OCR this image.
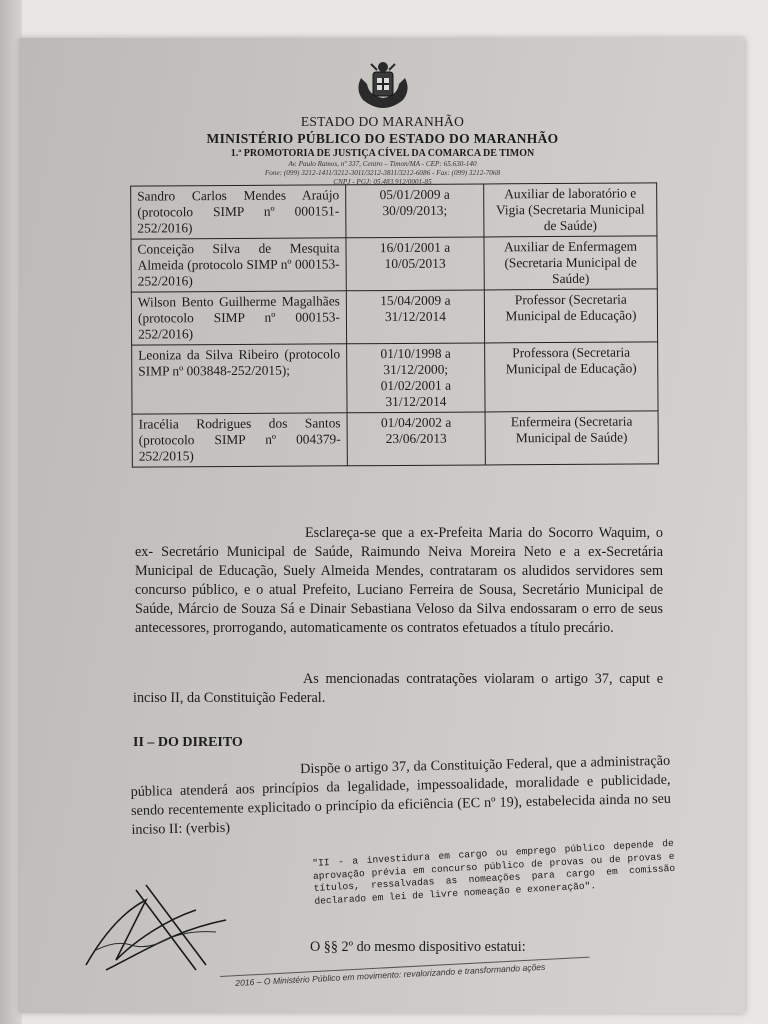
ESTADO DO MARANHÃO
MINISTÉRIO PÚBLICO DO ESTADO DO MARANHÃO
1.ª PROMOTORIA DE JUSTIÇA CÍVEL DA COMARCA DE TIMON
Av. Paulo Ramos, nº 337, Centro – Timon/MA - CEP: 65.630-140
Fone: (099) 3212-1411/3212-3011/3212-3811/3212-6086 - Fax: (099) 3212-7068
CNPJ - PGJ: 05.483.912/0001-85
Sandro Carlos Mendes Araújo (protocolo SIMP nº 000151-252/2016)	05/01/2009 a 30/09/2013;	Auxiliar de laboratório e Vigia (Secretaria Municipal de Saúde)
Conceição Silva de Mesquita Almeida (protocolo SIMP nº 000153-252/2016)	16/01/2001 a 10/05/2013	Auxiliar de Enfermagem (Secretaria Municipal de Saúde)
Wilson Bento Guilherme Magalhães (protocolo SIMP nº 000153-252/2016)	15/04/2009 a 31/12/2014	Professor (Secretaria Municipal de Educação)
Leoniza da Silva Ribeiro (protocolo SIMP nº 003848-252/2015);	01/10/1998 a 31/12/2000; 01/02/2001 a 31/12/2014	Professora (Secretaria Municipal de Educação)
Iracélia Rodrigues dos Santos (protocolo SIMP nº 004379-252/2015)	01/04/2002 a 23/06/2013	Enfermeira (Secretaria Municipal de Saúde)
Esclareça-se que a ex-Prefeita Maria do Socorro Waquim, o ex- Secretário Municipal de Saúde, Raimundo Neiva Moreira Neto e a ex-Secretária Municipal de Educação, Suely Almeida Mendes, contrataram os aludidos servidores sem concurso público, e o atual Prefeito, Luciano Ferreira de Sousa, Secretário Municipal de Saúde, Márcio de Souza Sá e Dinair Sebastiana Veloso da Silva endossaram o erro de seus antecessores, prorrogando, automaticamente os contratos efetuados a título precário.
As mencionadas contratações violaram o artigo 37, caput e inciso II, da Constituição Federal.
II – DO DIREITO
Dispõe o artigo 37, da Constituição Federal, que a administração pública atenderá aos princípios da legalidade, impessoalidade, moralidade e publicidade, sendo recentemente explicitado o princípio da eficiência (EC nº 19), estabelecida ainda no seu inciso II: (verbis)
"II - a investidura em cargo ou emprego público depende de aprovação prévia em concurso público de provas ou de provas e títulos, ressalvadas as nomeações para cargo em comissão declarado em lei de livre nomeação e exoneração".
O §§ 2º do mesmo dispositivo estatui:
2016 – O Ministério Público em movimento: revalorizando e transformando ações
